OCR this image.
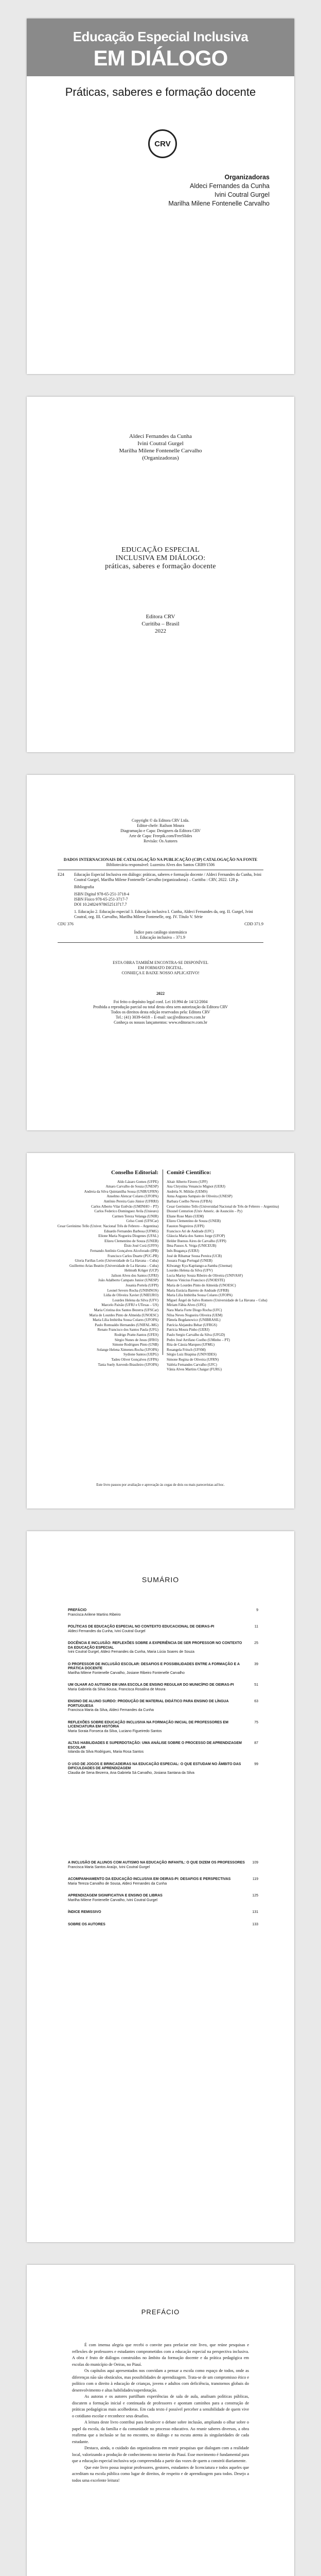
Educação Especial Inclusiva
EM DIÁLOGO
Práticas, saberes e formação docente
CRV
Organizadoras
Aldeci Fernandes da Cunha
Ivini Coutral Gurgel
Marilha Milene Fontenelle Carvalho
Aldeci Fernandes da Cunha
Ivini Coutral Gurgel
Marilha Milene Fontenelle Carvalho
(Organizadoras)
EDUCAÇÃO ESPECIAL
INCLUSIVA EM DIÁLOGO:
práticas, saberes e formação docente
Editora CRV
Curitiba – Brasil
2022
Copyright © da Editora CRV Ltda.
Editor-chefe: Railson Moura
Diagramação e Capa: Designers da Editora CRV
Arte de Capa: Freepik.com/FreeSlides
Revisão: Os Autores
DADOS INTERNACIONAIS DE CATALOGAÇÃO NA PUBLICAÇÃO (CIP) CATALOGAÇÃO NA FONTE
Bibliotecária responsável: Luzenira Alves dos Santos CRB9/1506
E24	Educação Especial Inclusiva em diálogo: práticas, saberes e formação docente / Aldeci Fernandes da Cunha, Ivini Coutral Gurgel, Marilha Milene Fontenelle Carvalho (organizadoras) – Curitiba : CRV, 2022. 128 p.

Bibliografia

ISBN Digital 978-65-251-3718-4

ISBN Físico 978-65-251-3717-7

DOI 10.24824/978652513717.7

1. Educação 2. Educação especial 3. Educação inclusiva I. Cunha, Aldeci Fernandes da, org. II. Gurgel, Ivini Coutral, org. III. Carvalho, Marilha Milene Fontenelle, org. IV. Título V. Série

CDU 376	CDD 371.9
Índice para catálogo sistemático
1. Educação inclusiva – 371.9
ESTA OBRA TAMBÉM ENCONTRA-SE DISPONÍVEL
EM FORMATO DIGITAL.
CONHEÇA E BAIXE NOSSO APLICATIVO!
2022
Foi feito o depósito legal conf. Lei 10.994 de 14/12/2004
Proibida a reprodução parcial ou total desta obra sem autorização da Editora CRV
Todos os direitos desta edição reservados pela: Editora CRV
Tel.: (41) 3039-6418 – E-mail: sac@editoracrv.com.br
Conheça os nossos lançamentos: www.editoracrv.com.br
Conselho Editorial:
Aldo Lázaro Gomes (UFPE)
Amaro Carvalho de Souza (UNESP)
Andreia da Silva Quintanilha Sousa (UNIR/UFRN)
Anselmo Alencar Colares (UFOPA)
Antônio Pereira Gaio Júnior (UFRRJ)
Carlos Alberto Vilar Estêvão (UMINHO – PT)
Carlos Federico Dominguez Avila (Unieuro)
Carmen Tereza Velanga (UNIR)
Celso Conti (UFSCar)
Cesar Gerónimo Tello (Univer. Nacional Três de Febrero – Argentina)
Eduardo Fernandes Barbosa (UFMG)
Elione Maria Nogueira Diogenes (UFAL)
Elizeu Clementino de Souza (UNEB)
Élsio José Corá (UFFS)
Fernando Antônio Gonçalves Alcoforado (IPB)
Francisco Carlos Duarte (PUC-PR)
Gloria Fariñas León (Universidade de La Havana – Cuba)
Guillermo Arias Beatón (Universidade de La Havana – Cuba)
Helmuth Krüger (UCP)
Jailson Alves dos Santos (UFRJ)
João Adalberto Campato Junior (UNESP)
Josania Portela (UFPI)
Leonel Severo Rocha (UNISINOS)
Lídia de Oliveira Xavier (UNIEURO)
Lourdes Helena da Silva (UFV)
Marcelo Paixão (UFRJ e UTexas – US)
Maria Cristina dos Santos Bezerra (UFSCar)
Maria de Lourdes Pinto de Almeida (UNOESC)
Maria Lília Imbiriba Sousa Colares (UFOPA)
Paulo Romualdo Hernandes (UNIFAL-MG)
Renato Francisco dos Santos Paula (UFG)
Rodrigo Pratte-Santos (UFES)
Sérgio Nunes de Jesus (IFRO)
Simone Rodrigues Pinto (UNB)
Solange Helena Ximenes-Rocha (UFOPA)
Sydione Santos (UEPG)
Tadeu Oliver Gonçalves (UFPA)
Tania Suely Azevedo Brasileiro (UFOPA)
Comitê Científico:
Altair Alberto Fávero (UPF)
Ana Chrystina Venancio Mignot (UERJ)
Andréia N. Militão (UEMS)
Anna Augusta Sampaio de Oliveira (UNESP)
Barbara Coelho Neves (UFBA)
Cesar Gerónimo Tello (Universidad Nacional de Três de Febrero – Argentina)
Diosnel Centurion (Univ Americ. de Asunción – Py)
Eliane Rose Maio (UEM)
Elizeu Clementino de Souza (UNEB)
Fauston Negreiros (UFPI)
Francisco Ari de Andrade (UFC)
Gláucia Maria dos Santos Jorge (UFOP)
Helder Buenos Aires de Carvalho (UFPI)
Ilma Passos A. Veiga (UNICEUB)
Inês Bragança (UERJ)
José de Ribamar Sousa Pereira (UCB)
Jussara Fraga Portugal (UNEB)
Kilwangy Kya Kapitango-a-Samba (Unemat)
Lourdes Helena da Silva (UFV)
Lucia Marisy Souza Ribeiro de Oliveira (UNIVASF)
Marcos Vinicius Francisco (UNOESTE)
Maria de Lourdes Pinto de Almeida (UNOESC)
Maria Eurácia Barreto de Andrade (UFRB)
Maria Lília Imbiriba Sousa Colares (UFOPA)
Míguel Ángel de Salvo Romero (Universidade de La Havana – Cuba)
Míriam Fábia Alves (UFG)
Nara Maria Forte Diogo Rocha (UFC)
Nilsa Neves Nogueira Oliveira (UEM)
Pâmela Bogdanowicz (UNIBRASIL)
Patrícia Alejandra Behar (UFRGS)
Patrícia Moura Pinho (UERJ)
Paulo Sergio Carvalho da Silva (UFGD)
Pedro José Arrifano Coelho (UMinho – PT)
Rita de Cássia Marques (UFMG)
Rosangela Fritsch (UFSM)
Sérgio Luiz Ibiapina (UNIVIDES)
Simone Regina de Oliveira (UFRN)
Valéria Fernandes Carvalho (UFC)
Vânia Alves Martins Chaigar (FURG)
Este livro passou por avaliação e aprovação às cegas de dois ou mais pareceristas ad hoc.
SUMÁRIO
PREFÁCIO
Francisca Arilene Martins Ribeiro
9
POLÍTICAS DE EDUCAÇÃO ESPECIAL NO CONTEXTO EDUCACIONAL DE OEIRAS-PI
Aldeci Fernandes da Cunha, Ivini Coutral Gurgel
11
DOCÊNCIA E INCLUSÃO: REFLEXÕES SOBRE A EXPERIÊNCIA DE SER PROFESSOR NO CONTEXTO DA EDUCAÇÃO ESPECIAL
Ivini Coutral Gurgel, Aldeci Fernandes da Cunha, Maria Lúcia Soares de Souza
25
O PROFESSOR DE INCLUSÃO ESCOLAR: DESAFIOS E POSSIBILIDADES ENTRE A FORMAÇÃO E A PRÁTICA DOCENTE
Marilha Milene Fontenelle Carvalho, Josiane Ribeiro Fontenelle Carvalho
39
UM OLHAR AO AUTISMO EM UMA ESCOLA DE ENSINO REGULAR DO MUNICÍPIO DE OEIRAS-PI
Maria Gabriela da Silva Sousa, Francisca Rosalina de Moura
51
ENSINO DE ALUNO SURDO: PRODUÇÃO DE MATERIAL DIDÁTICO PARA ENSINO DE LÍNGUA PORTUGUESA
Francisca Maria da Silva, Aldeci Fernandes da Cunha
63
REFLEXÕES SOBRE EDUCAÇÃO INCLUSIVA NA FORMAÇÃO INICIAL DE PROFESSORES EM LICENCIATURA EM HISTÓRIA
Maria Soraia Fonseca da Silva, Luciano Figueiredo Santos
75
ALTAS HABILIDADES E SUPERDOTAÇÃO: UMA ANÁLISE SOBRE O PROCESSO DE APRENDIZAGEM ESCOLAR
Iolanda da Silva Rodrigues, Maria Rosa Santos
87
O USO DE JOGOS E BRINCADEIRAS NA EDUCAÇÃO ESPECIAL: O QUE ESTUDAM NO ÂMBITO DAS DIFICULDADES DE APRENDIZAGEM
Claudia de Sena Bezerra, Ana Gabriela Sá Carvalho, Josiana Santana da Silva
99
A INCLUSÃO DE ALUNOS COM AUTISMO NA EDUCAÇÃO INFANTIL: O QUE DIZEM OS PROFESSORES
Francisca Maria Santos Araújo, Ivini Coutral Gurgel
109
ACOMPANHAMENTO DA EDUCAÇÃO INCLUSIVA EM OEIRAS-PI: DESAFIOS E PERSPECTIVAS
Maria Tereza Carvalho de Sousa, Aldeci Fernandes da Cunha
119
APRENDIZAGEM SIGNIFICATIVA E ENSINO DE LIBRAS
Marilha Milene Fontenelle Carvalho, Ivini Coutral Gurgel
125
ÍNDICE REMISSIVO	131
SOBRE OS AUTORES	133
PREFÁCIO

É com imensa alegria que recebi o convite para prefaciar este livro, que reúne pesquisas e reflexões de professores e estudantes comprometidos com a educação especial na perspectiva inclusiva. A obra é fruto de diálogos construídos no âmbito da formação docente e da prática pedagógica em escolas do município de Oeiras, no Piauí.

Os capítulos aqui apresentados nos convidam a pensar a escola como espaço de todos, onde as diferenças não são obstáculos, mas possibilidades de aprendizagem. Trata-se de um compromisso ético e político com o direito à educação de crianças, jovens e adultos com deficiência, transtornos globais do desenvolvimento e altas habilidades/superdotação.

As autoras e os autores partilham experiências de sala de aula, analisam políticas públicas, discutem a formação inicial e continuada de professores e apontam caminhos para a construção de práticas pedagógicas mais acolhedoras. Em cada texto é possível perceber a sensibilidade de quem vive o cotidiano escolar e reconhece seus desafios.

A leitura deste livro contribui para fortalecer o debate sobre inclusão, ampliando o olhar sobre o papel da escola, da família e da comunidade no processo educativo. Ao reunir saberes diversos, a obra reafirma que a inclusão se faz no encontro, no diálogo e na escuta atenta às singularidades de cada estudante.

Destaco, ainda, o cuidado das organizadoras em reunir pesquisas que dialogam com a realidade local, valorizando a produção de conhecimento no interior do Piauí. Esse movimento é fundamental para que a educação especial inclusiva seja compreendida a partir das vozes de quem a constrói diariamente.

Que este livro possa inspirar professores, gestores, estudantes de licenciatura e todos aqueles que acreditam na escola pública como lugar de direitos, de respeito e de aprendizagem para todos. Desejo a todos uma excelente leitura!
